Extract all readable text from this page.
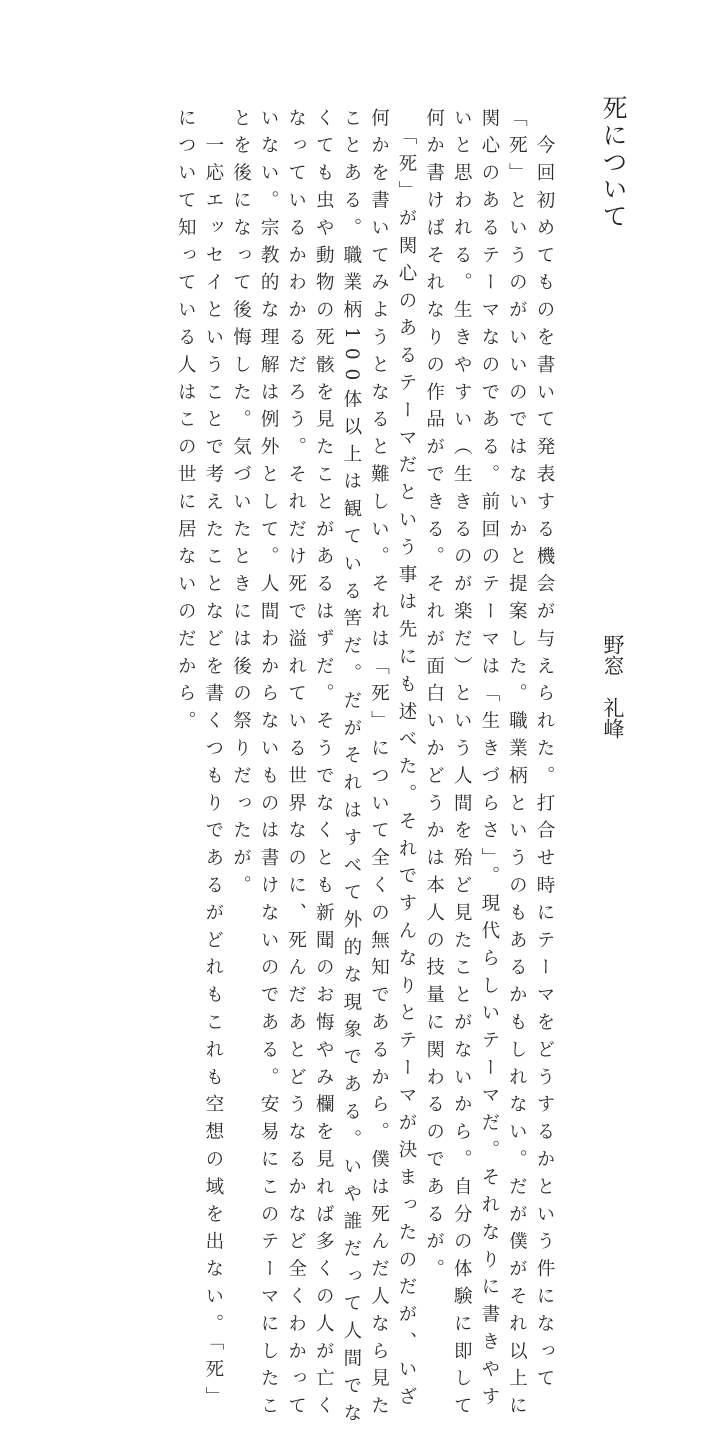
死について
野窓　礼峰
　今回初めてものを書いて発表する機会が与えられた。打合せ時にテーマをどうするかという件になって
「死」というのがいいのではないかと提案した。職業柄というのもあるかもしれない。だが僕がそれ以上に
関心のあるテーマなのである。前回のテーマは「生きづらさ」。現代らしいテーマだ。それなりに書きやす
いと思われる。生きやすい（生きるのが楽だ）という人間を殆ど見たことがないから。自分の体験に即して
何か書けばそれなりの作品ができる。それが面白いかどうかは本人の技量に関わるのであるが。
　「死」が関心のあるテーマだという事は先にも述べた。それですんなりとテーマが決まったのだが、いざ
何かを書いてみようとなると難しい。それは「死」について全くの無知であるから。僕は死んだ人なら見た
ことある。職業柄100体以上は観ている筈だ。だがそれはすべて外的な現象である。いや誰だって人間でな
くても虫や動物の死骸を見たことがあるはずだ。そうでなくとも新聞のお悔やみ欄を見れば多くの人が亡く
なっているかわかるだろう。それだけ死で溢れている世界なのに、死んだあとどうなるかなど全くわかって
いない。宗教的な理解は例外として。人間わからないものは書けないのである。安易にこのテーマにしたこ
とを後になって後悔した。気づいたときには後の祭りだったが。
　一応エッセイということで考えたことなどを書くつもりであるがどれもこれも空想の域を出ない。「死」
について知っている人はこの世に居ないのだから。
